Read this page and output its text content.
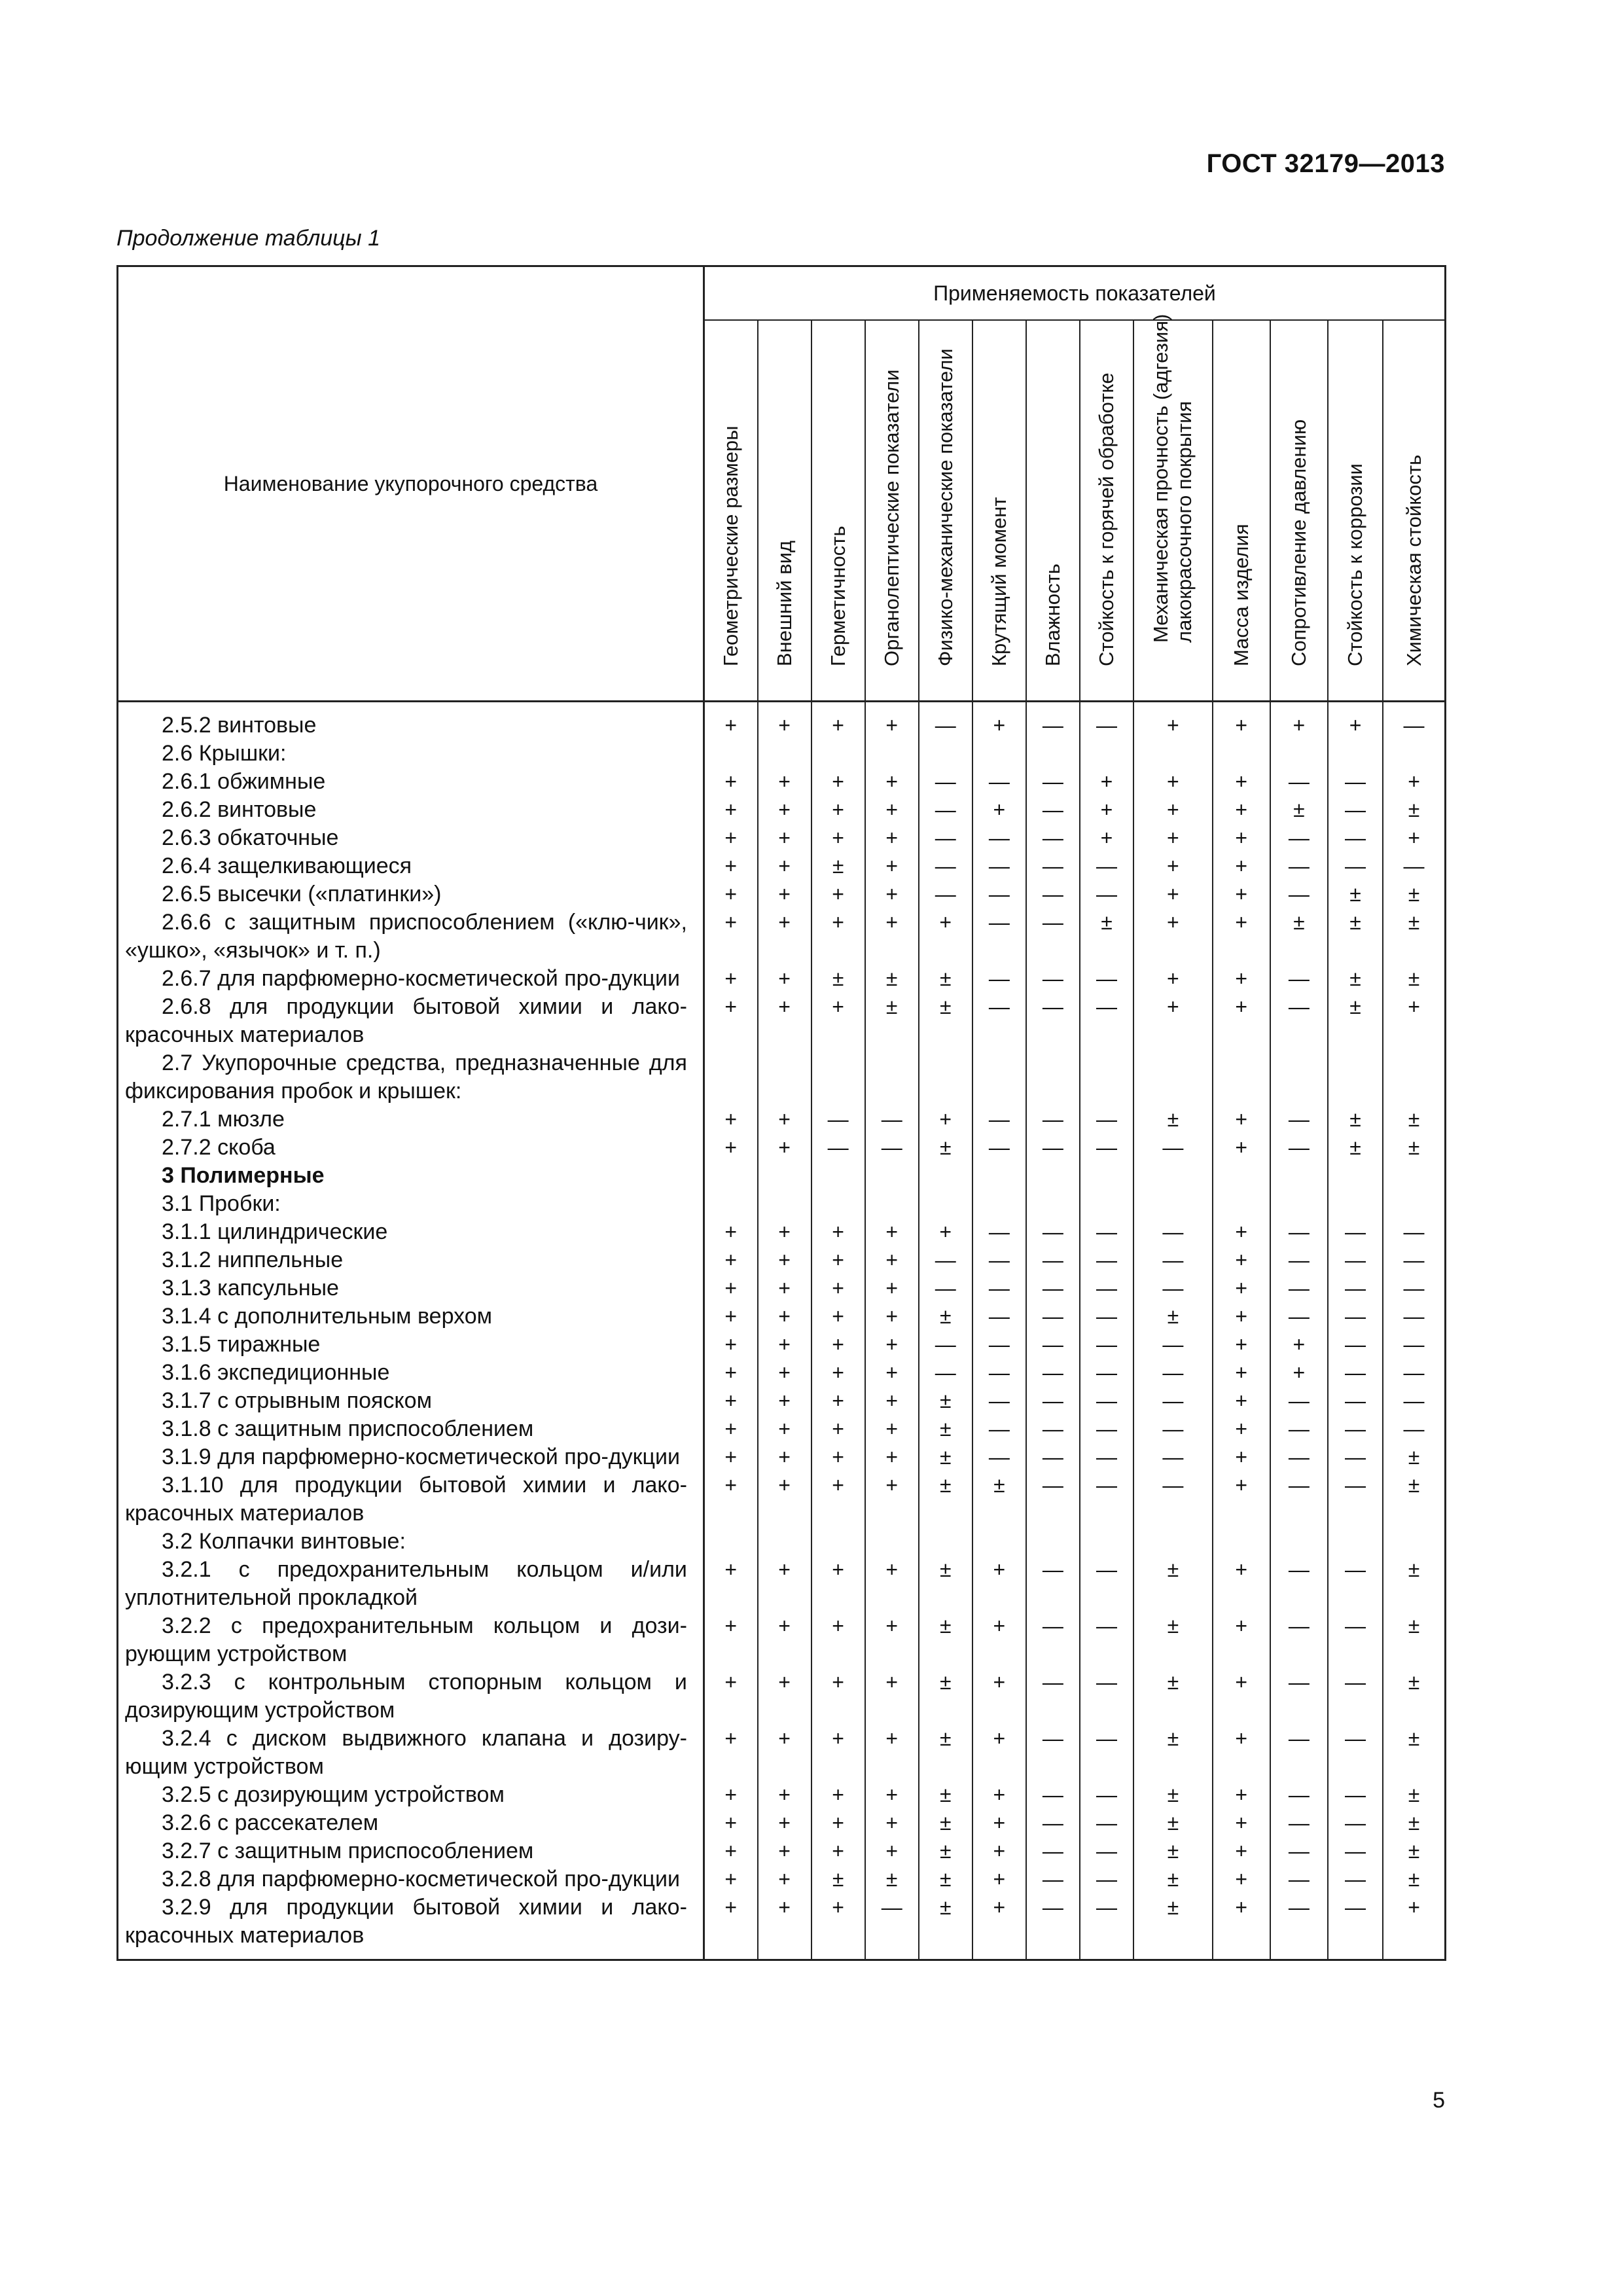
ГОСТ 32179—2013
Продолжение таблицы 1
Наименование укупорочного средства	Применяемость показателей												

	Геометрические размеры	Внешний вид	Герметичность	Органолептические показатели	Физико-механические показатели	Крутящий момент	Влажность	Стойкость к горячей обработке	Механическая прочность (адгезия)
лакокрасочного покрытия	Масса изделия	Сопротивление давлению	Стойкость к коррозии	Химическая стойкость

2.5.2 винтовые	+	+	+	+	—	+	—	—	+	+	+	+	—
2.6 Крышки:													
2.6.1 обжимные	+	+	+	+	—	—	—	+	+	+	—	—	+
2.6.2 винтовые	+	+	+	+	—	+	—	+	+	+	±	—	±
2.6.3 обкаточные	+	+	+	+	—	—	—	+	+	+	—	—	+
2.6.4 защелкивающиеся	+	+	±	+	—	—	—	—	+	+	—	—	—
2.6.5 высечки («платинки»)	+	+	+	+	—	—	—	—	+	+	—	±	±
2.6.6 с защитным приспособлением («клю-чик», «ушко», «язычок» и т. п.)	+	+	+	+	+	—	—	±	+	+	±	±	±
2.6.7 для парфюмерно-косметической про-дукции	+	+	±	±	±	—	—	—	+	+	—	±	±
2.6.8 для продукции бытовой химии и лако-красочных материалов	+	+	+	±	±	—	—	—	+	+	—	±	+
2.7 Укупорочные средства, предназначенные для фиксирования пробок и крышек:													
2.7.1 мюзле	+	+	—	—	+	—	—	—	±	+	—	±	±
2.7.2 скоба	+	+	—	—	±	—	—	—	—	+	—	±	±
3 Полимерные													
3.1 Пробки:													
3.1.1 цилиндрические	+	+	+	+	+	—	—	—	—	+	—	—	—
3.1.2 ниппельные	+	+	+	+	—	—	—	—	—	+	—	—	—
3.1.3 капсульные	+	+	+	+	—	—	—	—	—	+	—	—	—
3.1.4 с дополнительным верхом	+	+	+	+	±	—	—	—	±	+	—	—	—
3.1.5 тиражные	+	+	+	+	—	—	—	—	—	+	+	—	—
3.1.6 экспедиционные	+	+	+	+	—	—	—	—	—	+	+	—	—
3.1.7 с отрывным пояском	+	+	+	+	±	—	—	—	—	+	—	—	—
3.1.8 с защитным приспособлением	+	+	+	+	±	—	—	—	—	+	—	—	—
3.1.9 для парфюмерно-косметической про-дукции	+	+	+	+	±	—	—	—	—	+	—	—	±
3.1.10 для продукции бытовой химии и лако-красочных материалов	+	+	+	+	±	±	—	—	—	+	—	—	±
3.2 Колпачки винтовые:													
3.2.1 с предохранительным кольцом и/или уплотнительной прокладкой	+	+	+	+	±	+	—	—	±	+	—	—	±
3.2.2 с предохранительным кольцом и дози-рующим устройством	+	+	+	+	±	+	—	—	±	+	—	—	±
3.2.3 с контрольным стопорным кольцом и дозирующим устройством	+	+	+	+	±	+	—	—	±	+	—	—	±
3.2.4 с диском выдвижного клапана и дозиру-ющим устройством	+	+	+	+	±	+	—	—	±	+	—	—	±
3.2.5 с дозирующим устройством	+	+	+	+	±	+	—	—	±	+	—	—	±
3.2.6 с рассекателем	+	+	+	+	±	+	—	—	±	+	—	—	±
3.2.7 с защитным приспособлением	+	+	+	+	±	+	—	—	±	+	—	—	±
3.2.8 для парфюмерно-косметической про-дукции	+	+	±	±	±	+	—	—	±	+	—	—	±
3.2.9 для продукции бытовой химии и лако-красочных материалов	+	+	+	—	±	+	—	—	±	+	—	—	+
5
